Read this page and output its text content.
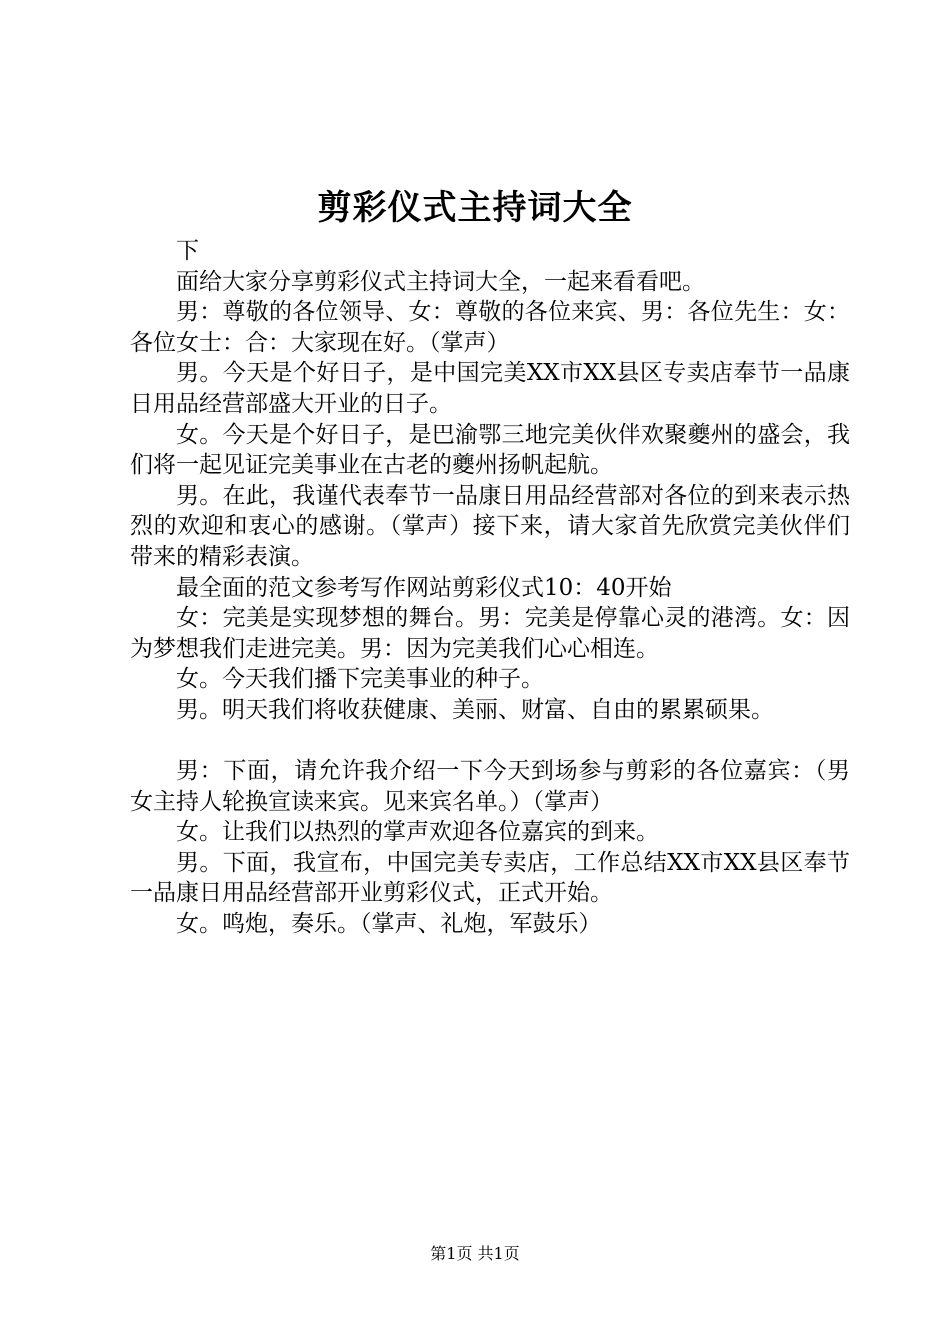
剪彩仪式主持词大全

下

面给大家分享剪彩仪式主持词大全，一起来看看吧。

男：尊敬的各位领导、女：尊敬的各位来宾、男：各位先生：女：各位女士：合：大家现在好。（掌声）

男。今天是个好日子，是中国完美XX市XX县区专卖店奉节一品康日用品经营部盛大开业的日子。

女。今天是个好日子，是巴渝鄂三地完美伙伴欢聚夔州的盛会，我们将一起见证完美事业在古老的夔州扬帆起航。

男。在此，我谨代表奉节一品康日用品经营部对各位的到来表示热烈的欢迎和衷心的感谢。（掌声）接下来，请大家首先欣赏完美伙伴们带来的精彩表演。

最全面的范文参考写作网站剪彩仪式10：40开始

女：完美是实现梦想的舞台。男：完美是停靠心灵的港湾。女：因为梦想我们走进完美。男：因为完美我们心心相连。

女。今天我们播下完美事业的种子。

男。明天我们将收获健康、美丽、财富、自由的累累硕果。

男：下面，请允许我介绍一下今天到场参与剪彩的各位嘉宾：（男女主持人轮换宣读来宾。见来宾名单。）（掌声）

女。让我们以热烈的掌声欢迎各位嘉宾的到来。

男。下面，我宣布，中国完美专卖店，工作总结XX市XX县区奉节一品康日用品经营部开业剪彩仪式，正式开始。

女。鸣炮，奏乐。（掌声、礼炮，军鼓乐）

第1页 共1页
